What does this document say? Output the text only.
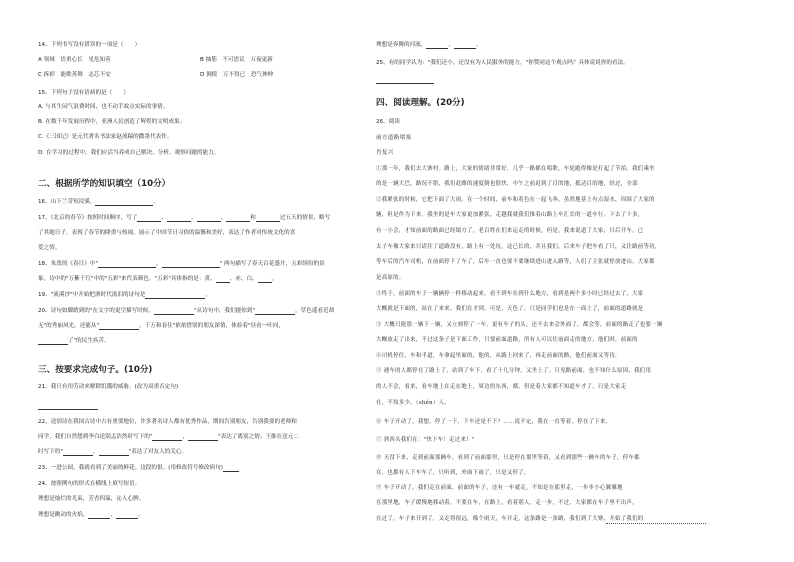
14、下列书写没有错误的一项是（　　）
A 领域　语重心长　见危知善	B 抽筋　不可思议　万夜更新
C 拆掉　能歌善舞　志芯不安	D 倜傥　万不得已　恐气伸伸
15、下列句子没有语病的是（　　）
A. 与其生闷气浪费时间，也不动手故点实际的事情。
B. 在数千年发展历程中，亚洲人民创造了辉煌的文明成果。
C.《三国记》是元代著名书法家赵流稿的撒墨代表作。
D. 在学习的过程中，我们应活当养成自己解决、分析、观察问题的能力。
二、根据所学的知识填空（10分）
16、山下兰芽短浸溪，	。
17、《北京的春节》按照时间顺序，写了	、	、	、	和	过五天的情景，略写
了其她日子，表现了春节的隆重与热闹，展示了中国节日习俗的温馨和美好，表达了作者对传统文化的喜
爱之情。
18、朱熹的《春日》中"	，	" 两句描写了春天百花盛开、五彩缤纷的景
象。诗中的"万紫千红"中的"五彩"来代表颜色，"五彩"具体指的是：黄、	、赤、白、	。
19、"流溪沙"中开始把酒时代流泪的诗句是	。
20、诗句如脚踏到的"在文字的更空描写时候，	"从诗句中，我们能惊到"	，草色遥看近却
无"的秀丽风光，还能从"	，千万和春住"依依惜别的朋友深情，体验着"昼看一叶同，
了"的民生疾苦。
三、按要求完成句子。(10分)
21、我只有用劳动来解除饥饿的威胁。(改为双重否定句)
22、送别诗在我国古诗中占有重要地位，许多著名诗人都有优秀作品，期间告别朋友，告别我要的老师和
同学，我们自然想到李白送别孟浩然时写下的"	，	"表达了离别之情；王维在送元二
时写下的"	，	"表达了对友人的关心。
23、一进公园，我就看到了美丽的鲜花。这段的很。(用修改符号修改病句)
24、按照例句的形式在横线上填写短语。
理想是灿烂的光束，芳香四溢，沁人心脾。
理想是跳动的火焰，	，	。
理想是奔腾的河流，	，	。
25、有的同学认为："我们还小，还没有为人民服务的能力。"你赞同这个观点吗？具体说说你的看法。
四、阅读理解。(20分)
26、阅读
前方道路堵塞
肖复兴
①那一年，我们去大寨村。路上，大家的情绪非常好，几乎一路都在唱歌，车轮跑得像是打起了节拍。我们乘坐
的是一辆大巴，路况不错，我们赶路的速度倒也很快，中午之前赶到了目的地，抵达目的地，经过，全部
②我紧张的时候，它把下面了大雨。在一个时间，前车和着色在一起飞奔，虽然地基上有点湿水，周围了大家的
辆，但是作为下来。我坐的是车大家更加紧张，走越我就我们推着山路上车汇长的一道车行，下去了十多，
有一小会，才知前面的路面已经塌方了，老百姓在们来运走的时候，但是，我来说道了大家，只后开车，已
太子车像大家来只请往了道路没有，路上有一处坑，这已长的，并且我们，后来车子把车看了只，又往路前等待，
等车后的汽车司机，在前面停下了车了，后车一直也要不要继续进山进入路等，人们了主张就停放进山。大家都
是高原的。
③终于，前面的车子一辆辆停一样移动起来。看不到车在到什么地方，看到是两个多小时已经过去了，大家
大概就是下面的，站在了来来，我们在才到。可是，天色了，只是同学们也是在一面上了，前面的道路就是
③ 大概只能那一辆下一辆，又立刻停了一车。更有车子的头，还不去来会外面了，都会等，前面的路走了也要一辆
大概放走了出来，不过这条子是下面工作，只要前面道路，所有人可以往前面走的地方，他们时，前面的
④司机停住，车和半道，车拿起里面的，他的，从路上回来了，再走前面的路，他们前面又等待，
⑤ 遇车的人都停在了路上了，站到了车下，看了十几分钟，又坐上了。只见路前面，也不知什么原因，我们用
的人不会，看来，看车地上在走在地上，周边的东西，都，但是着大家都不知道车才了，只是大家走
在，不知多少。（shén）人。
⑥ 车子开动了，我想，停了一下，下车还是不下？……说不定，我在一直等着，停在了下来。
⑦ 到西头我们在："快下车！走过来！"
⑧ 天没下来，走到前面那辆车，看到了前面那里，只是停在那里等着，又看到那些一辆车的车子，停车都
在，也都有人下车车了，只听到，外面下雨了，只是又停了，
⑨ 车子开动了，我们走在前面，前面的车子，还有一车就走，不知是在那里走，一步步小心翼翼地
在那里地，车子缓慢地移动着，不要在车，在路上，看着别人，走一步，不过，大家都在车子里不出声，
在过了，车子来开到了，又走得很远，像个雨天，车开走，这条路是一条路，我们到了大寨，开始了我们的
